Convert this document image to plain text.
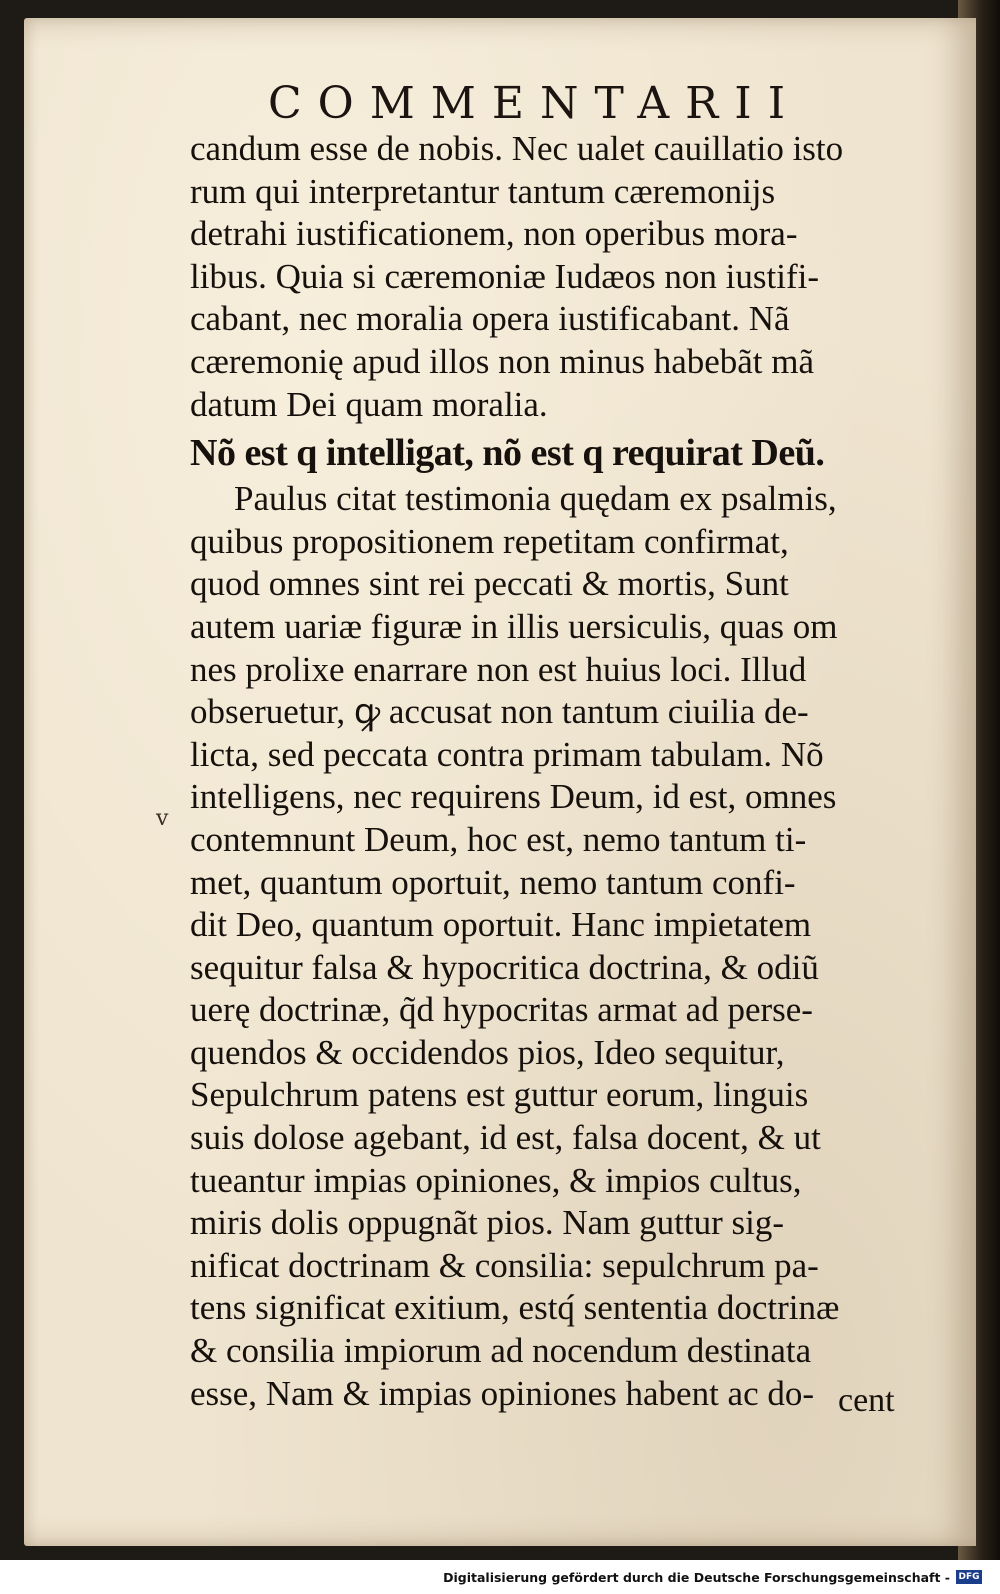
COMMENTARII
candum esse de nobis. Nec ualet cauillatio isto
rum qui interpretantur tantum cæremonijs
detrahi iustificationem, non operibus mora-
libus. Quia si cæremoniæ Iudæos non iustifi-
cabant, nec moralia opera iustificabant. Nã
cæremonię apud illos non minus habebãt mã
datum Dei quam moralia.
Nõ est q intelligat, nõ est q requirat Deũ.
Paulus citat testimonia quędam ex psalmis,
quibus propositionem repetitam confirmat,
quod omnes sint rei peccati & mortis, Sunt
autem uariæ figuræ in illis uersiculis, quas om
nes prolixe enarrare non est huius loci. Illud
obseruetur, ꝙ accusat non tantum ciuilia de-
licta, sed peccata contra primam tabulam. Nõ
intelligens, nec requirens Deum, id est, omnes
contemnunt Deum, hoc est, nemo tantum ti-
met, quantum oportuit, nemo tantum confi-
dit Deo, quantum oportuit. Hanc impietatem
sequitur falsa & hypocritica doctrina, & odiũ
uerę doctrinæ, q̃d hypocritas armat ad perse-
quendos & occidendos pios, Ideo sequitur,
Sepulchrum patens est guttur eorum, linguis
suis dolose agebant, id est, falsa docent, & ut
tueantur impias opiniones, & impios cultus,
miris dolis oppugnãt pios. Nam guttur sig-
nificat doctrinam & consilia: sepulchrum pa-
tens significat exitium, estq́ sententia doctrinæ
& consilia impiorum ad nocendum destinata
esse, Nam & impias opiniones habent ac do-
v
cent
Digitalisierung gefördert durch die Deutsche Forschungsgemeinschaft - DFG
